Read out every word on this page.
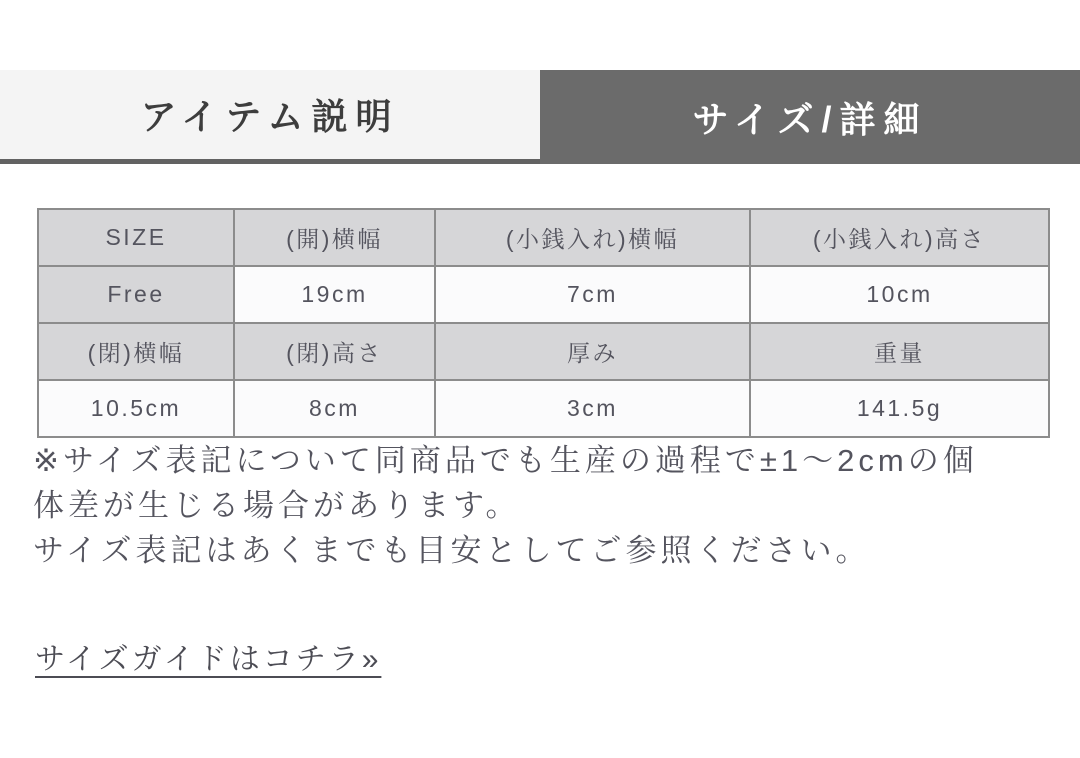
アイテム説明	サイズ/詳細
SIZE	(開)横幅	(小銭入れ)横幅	(小銭入れ)高さ
Free	19cm	7cm	10cm
(閉)横幅	(閉)高さ	厚み	重量
10.5cm	8cm	3cm	141.5g
※サイズ表記について同商品でも生産の過程で±1〜2cmの個
体差が生じる場合があります。
サイズ表記はあくまでも目安としてご参照ください。
サイズガイドはコチラ»
